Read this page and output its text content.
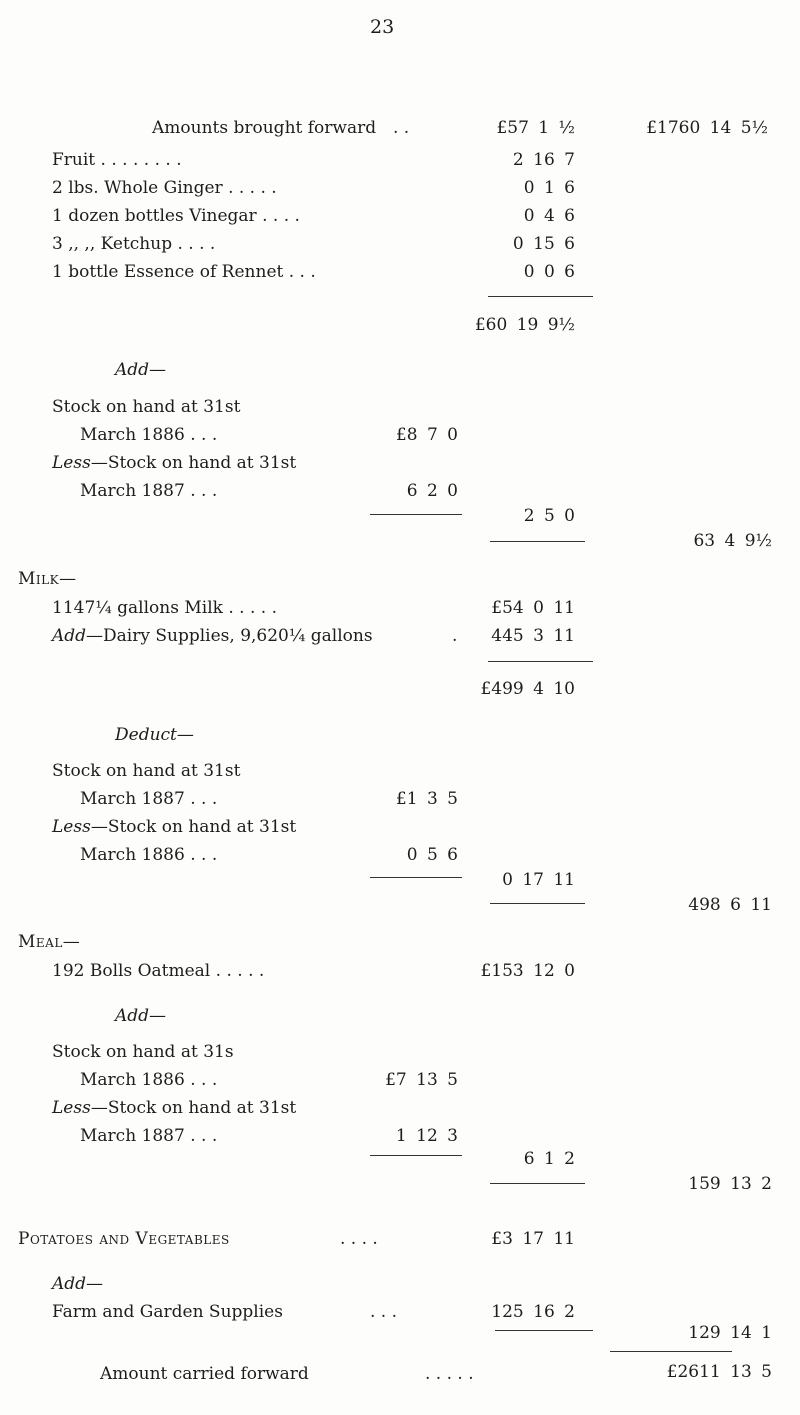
23
Amounts brought forward . .	£57 1 ½	£1760 14 5½
Fruit . . . . . . . .	2 16 7
2 lbs. Whole Ginger . . . . .	0 1 6
1 dozen bottles Vinegar . . . .	0 4 6
3 ,, ,, Ketchup . . . .	0 15 6
1 bottle Essence of Rennet . . .	0 0 6
£60 19 9½
Add—
Stock on hand at 31st
March 1886 . . .	£8 7 0
Less—Stock on hand at 31st
March 1887 . . .	6 2 0
2 5 0
63 4 9½
Milk—
1147¼ gallons Milk . . . . .	£54 0 11
Add—Dairy Supplies, 9,620¼ gallons	. 445 3 11
£499 4 10
Deduct—
Stock on hand at 31st
March 1887 . . .	£1 3 5
Less—Stock on hand at 31st
March 1886 . . .	0 5 6
0 17 11
498 6 11
Meal—
192 Bolls Oatmeal . . . . .	£153 12 0
Add—
Stock on hand at 31s
March 1886 . . .	£7 13 5
Less—Stock on hand at 31st
March 1887 . . .	1 12 3
6 1 2
159 13 2
Potatoes and Vegetables	. . . .	£3 17 11
Add—
Farm and Garden Supplies	. . .	125 16 2
129 14 1
Amount carried forward	. . . . .	£2611 13 5
